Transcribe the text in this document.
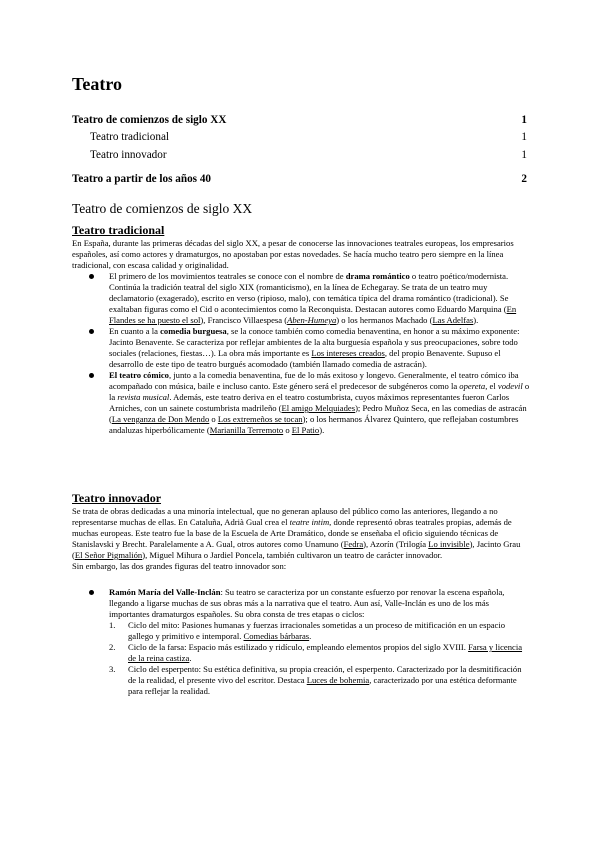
Teatro
Teatro de comienzos de siglo XX	1
Teatro tradicional	1
Teatro innovador	1
Teatro a partir de los años 40	2
Teatro de comienzos de siglo XX
Teatro tradicional

En España, durante las primeras décadas del siglo XX, a pesar de conocerse las innovaciones teatrales europeas, los empresarios españoles, así como actores y dramaturgos, no apostaban por estas novedades. Se hacía mucho teatro pero siempre en la línea tradicional, con escasa calidad y originalidad.

El primero de los movimientos teatrales se conoce con el nombre de drama romántico o teatro poético/modernista. Continúa la tradición teatral del siglo XIX (romanticismo), en la línea de Echegaray. Se trata de un teatro muy declamatorio (exagerado), escrito en verso (ripioso, malo), con temática típica del drama romántico (tradicional). Se exaltaban figuras como el Cid o acontecimientos como la Reconquista. Destacan autores como Eduardo Marquina (En Flandes se ha puesto el sol), Francisco Villaespesa (Aben-Humeya) o los hermanos Machado (Las Adelfas).
En cuanto a la comedia burguesa, se la conoce también como comedia benaventina, en honor a su máximo exponente: Jacinto Benavente. Se caracteriza por reflejar ambientes de la alta burguesía española y sus preocupaciones, sobre todo sociales (relaciones, fiestas…). La obra más importante es Los intereses creados, del propio Benavente. Supuso el desarrollo de este tipo de teatro burgués acomodado (también llamado comedia de astracán).
El teatro cómico, junto a la comedia benaventina, fue de lo más exitoso y longevo. Generalmente, el teatro cómico iba acompañado con música, baile e incluso canto. Este género será el predecesor de subgéneros como la opereta, el vodevil o la revista musical. Además, este teatro deriva en el teatro costumbrista, cuyos máximos representantes fueron Carlos Arniches, con un sainete costumbrista madrileño (El amigo Melquiades); Pedro Muñoz Seca, en las comedias de astracán (La venganza de Don Mendo o Los extremeños se tocan); o los hermanos Álvarez Quintero, que reflejaban costumbres andaluzas hiperbólicamente (Marianilla Terremoto o El Patio).
Teatro innovador

Se trata de obras dedicadas a una minoría intelectual, que no generan aplauso del público como las anteriores, llegando a no representarse muchas de ellas. En Cataluña, Adrià Gual crea el teatre intim, donde representó obras teatrales propias, además de muchas europeas. Este teatro fue la base de la Escuela de Arte Dramático, donde se enseñaba el oficio siguiendo técnicas de Stanislavski y Brecht. Paralelamente a A. Gual, otros autores como Unamuno (Fedra), Azorín (Trilogía Lo invisible), Jacinto Grau (El Señor Pigmalión), Miguel Mihura o Jardiel Poncela, también cultivaron un teatro de carácter innovador.
Sin embargo, las dos grandes figuras del teatro innovador son:

Ramón María del Valle-Inclán: Su teatro se caracteriza por un constante esfuerzo por renovar la escena española, llegando a ligarse muchas de sus obras más a la narrativa que el teatro. Aun así, Valle-Inclán es uno de los más importantes dramaturgos españoles. Su obra consta de tres etapas o ciclos:
1. Ciclo del mito: Pasiones humanas y fuerzas irracionales sometidas a un proceso de mitificación en un espacio gallego y primitivo e intemporal. Comedias bárbaras.
2. Ciclo de la farsa: Espacio más estilizado y ridículo, empleando elementos propios del siglo XVIII. Farsa y licencia de la reina castiza.
3. Ciclo del esperpento: Su estética definitiva, su propia creación, el esperpento. Caracterizado por la desmitificación de la realidad, el presente vivo del escritor. Destaca Luces de bohemia, caracterizado por una estética deformante para reflejar la realidad.
